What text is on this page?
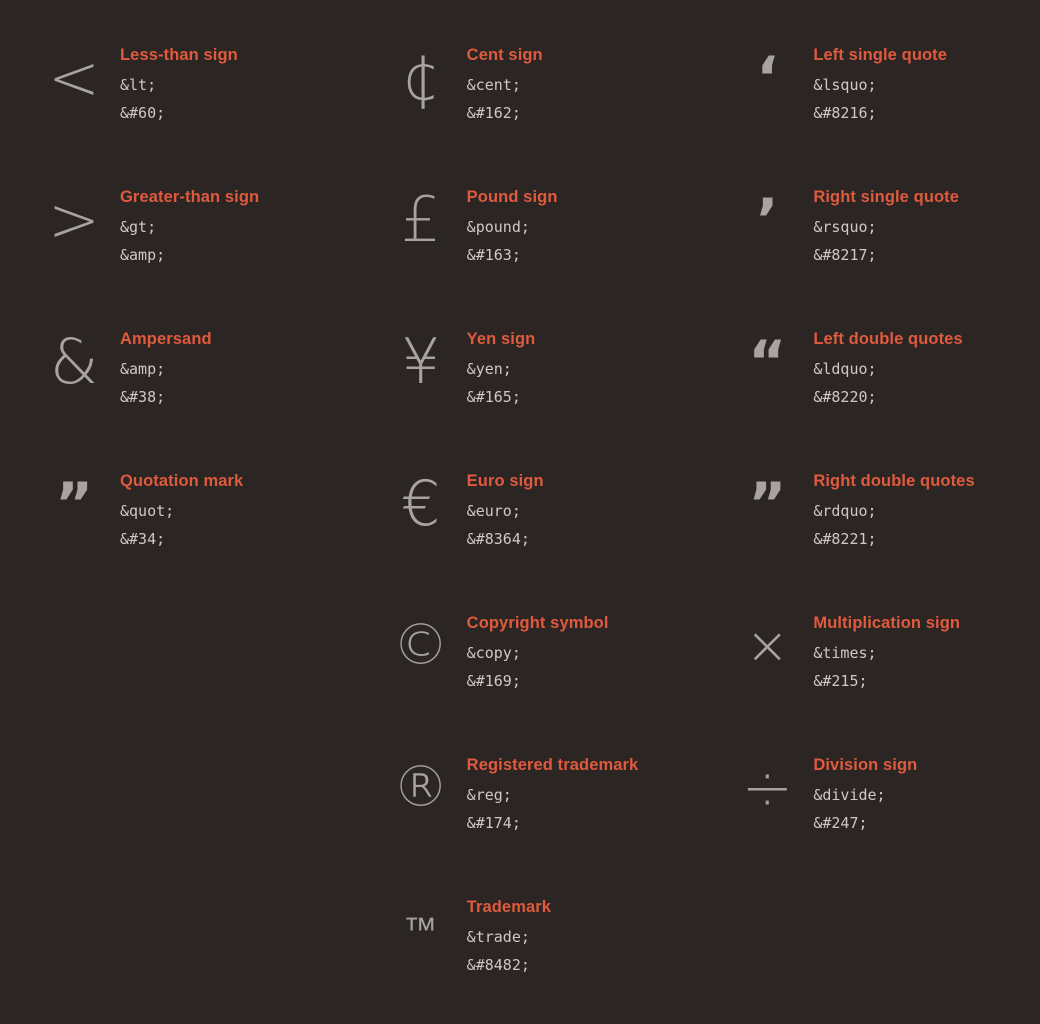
< Less-than sign
&lt;
&#60;
> Greater-than sign
&gt;
&amp;
& Ampersand
&amp;
&#38;
” Quotation mark
&quot;
&#34;
¢ Cent sign
&cent;
&#162;
£ Pound sign
&pound;
&#163;
¥ Yen sign
&yen;
&#165;
€ Euro sign
&euro;
&#8364;
© Copyright symbol
&copy;
&#169;
® Registered trademark
&reg;
&#174;
™
Trademark
&trade;
&#8482;
‘ Left single quote
&lsquo;
&#8216;
’ Right single quote
&rsquo;
&#8217;
“ Left double quotes
&ldquo;
&#8220;
” Right double quotes
&rdquo;
&#8221;
× Multiplication sign
&times;
&#215;
÷ Division sign
&divide;
&#247;
